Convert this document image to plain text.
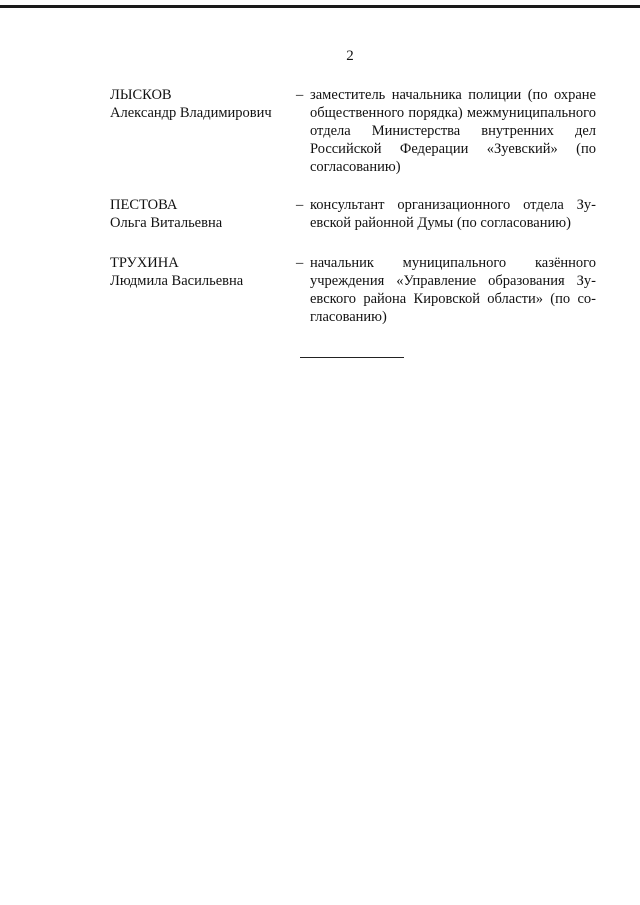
2
ЛЫСКОВ
Александр Владимирович
– заместитель начальника полиции (по охране общественного порядка) межмуниципального отдела Министерства внутренних дел Российской Федерации «Зуевский» (по согласованию)
ПЕСТОВА
Ольга Витальевна
– консультант организационного отдела Зуевской районной Думы (по согласованию)
ТРУХИНА
Людмила Васильевна
– начальник муниципального казённого учреждения «Управление образования Зуевского района Кировской области» (по согласованию)
